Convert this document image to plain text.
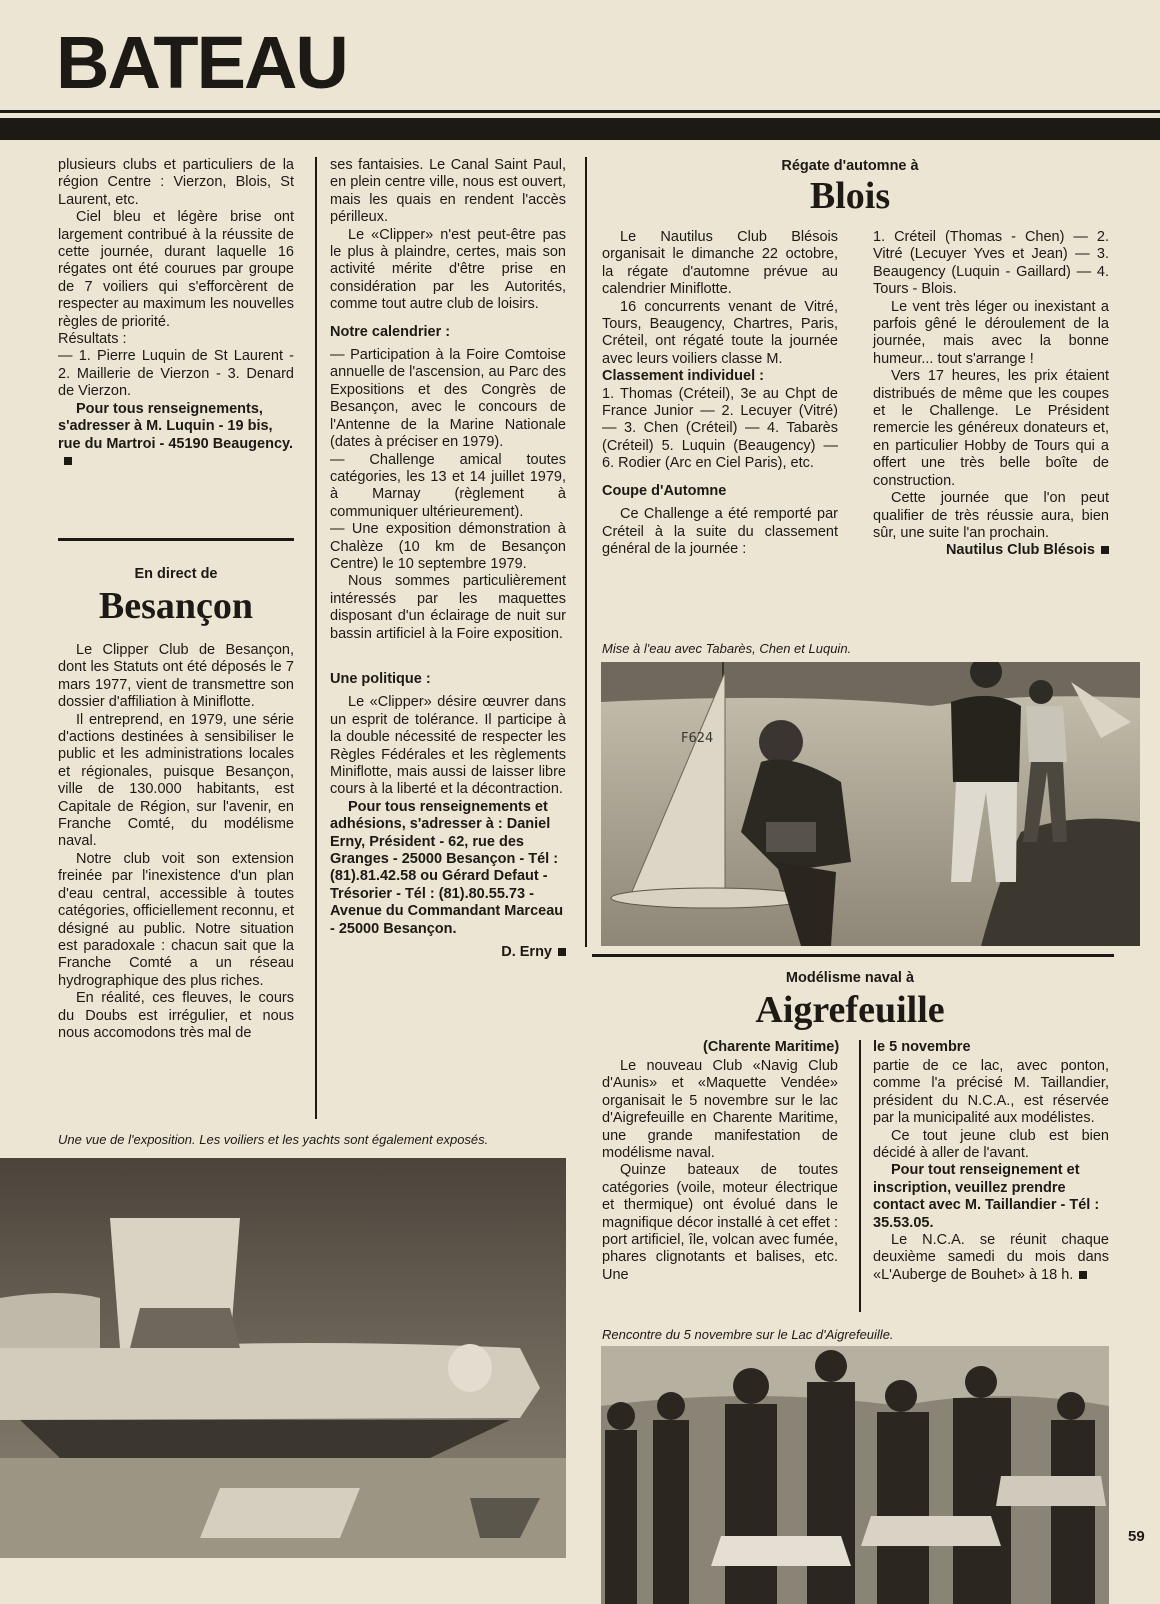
BATEAU

plusieurs clubs et particuliers de la région Centre : Vierzon, Blois, St Laurent, etc.

Ciel bleu et légère brise ont largement contribué à la réussite de cette journée, durant laquelle 16 régates ont été courues par groupe de 7 voiliers qui s'efforcèrent de respecter au maximum les nouvelles règles de priorité.

Résultats :

— 1. Pierre Luquin de St Laurent - 2. Maillerie de Vierzon - 3. Denard de Vierzon.

Pour tous renseignements, s'adresser à M. Luquin - 19 bis, rue du Martroi - 45190 Beaugency.

En direct de
Besançon

Le Clipper Club de Besançon, dont les Statuts ont été déposés le 7 mars 1977, vient de transmettre son dossier d'affiliation à Miniflotte.

Il entreprend, en 1979, une série d'actions destinées à sensibiliser le public et les administrations locales et régionales, puisque Besançon, ville de 130.000 habitants, est Capitale de Région, sur l'avenir, en Franche Comté, du modélisme naval.

Notre club voit son extension freinée par l'inexistence d'un plan d'eau central, accessible à toutes catégories, officiellement reconnu, et désigné au public. Notre situation est paradoxale : chacun sait que la Franche Comté a un réseau hydrographique des plus riches.

En réalité, ces fleuves, le cours du Doubs est irrégulier, et nous nous accomodons très mal de

ses fantaisies. Le Canal Saint Paul, en plein centre ville, nous est ouvert, mais les quais en rendent l'accès périlleux.

Le «Clipper» n'est peut-être pas le plus à plaindre, certes, mais son activité mérite d'être prise en considération par les Autorités, comme tout autre club de loisirs.

Notre calendrier :

— Participation à la Foire Comtoise annuelle de l'ascension, au Parc des Expositions et des Congrès de Besançon, avec le concours de l'Antenne de la Marine Nationale (dates à préciser en 1979).

— Challenge amical toutes catégories, les 13 et 14 juillet 1979, à Marnay (règlement à communiquer ultérieurement).

— Une exposition démonstration à Chalèze (10 km de Besançon Centre) le 10 septembre 1979.

Nous sommes particulièrement intéressés par les maquettes disposant d'un éclairage de nuit sur bassin artificiel à la Foire exposition.

Une politique :

Le «Clipper» désire œuvrer dans un esprit de tolérance. Il participe à la double nécessité de respecter les Règles Fédérales et les règlements Miniflotte, mais aussi de laisser libre cours à la liberté et la décontraction.

Pour tous renseignements et adhésions, s'adresser à : Daniel Erny, Président - 62, rue des Granges - 25000 Besançon - Tél : (81).81.42.58 ou Gérard Defaut - Trésorier - Tél : (81).80.55.73 - Avenue du Commandant Marceau - 25000 Besançon.

D. Erny
Régate d'automne à
Blois

Le Nautilus Club Blésois organisait le dimanche 22 octobre, la régate d'automne prévue au calendrier Miniflotte.

16 concurrents venant de Vitré, Tours, Beaugency, Chartres, Paris, Créteil, ont régaté toute la journée avec leurs voiliers classe M.

Classement individuel :

1. Thomas (Créteil), 3e au Chpt de France Junior — 2. Lecuyer (Vitré) — 3. Chen (Créteil) — 4. Tabarès (Créteil) 5. Luquin (Beaugency) — 6. Rodier (Arc en Ciel Paris), etc.

Coupe d'Automne

Ce Challenge a été remporté par Créteil à la suite du classement général de la journée :

1. Créteil (Thomas - Chen) — 2. Vitré (Lecuyer Yves et Jean) — 3. Beaugency (Luquin - Gaillard) — 4. Tours - Blois.

Le vent très léger ou inexistant a parfois gêné le déroulement de la journée, mais avec la bonne humeur... tout s'arrange !

Vers 17 heures, les prix étaient distribués de même que les coupes et le Challenge. Le Président remercie les généreux donateurs et, en particulier Hobby de Tours qui a offert une très belle boîte de construction.

Cette journée que l'on peut qualifier de très réussie aura, bien sûr, une suite l'an prochain.

Nautilus Club Blésois
Mise à l'eau avec Tabarès, Chen et Luquin.
F624
Modélisme naval à
Aigrefeuille
(Charente Maritime) le 5 novembre

Le nouveau Club «Navig Club d'Aunis» et «Maquette Vendée» organisait le 5 novembre sur le lac d'Aigrefeuille en Charente Maritime, une grande manifestation de modélisme naval.

Quinze bateaux de toutes catégories (voile, moteur électrique et thermique) ont évolué dans le magnifique décor installé à cet effet : port artificiel, île, volcan avec fumée, phares clignotants et balises, etc. Une

partie de ce lac, avec ponton, comme l'a précisé M. Taillandier, président du N.C.A., est réservée par la municipalité aux modélistes.

Ce tout jeune club est bien décidé à aller de l'avant.

Pour tout renseignement et inscription, veuillez prendre contact avec M. Taillandier - Tél : 35.53.05.

Le N.C.A. se réunit chaque deuxième samedi du mois dans «L'Auberge de Bouhet» à 18 h.

Rencontre du 5 novembre sur le Lac d'Aigrefeuille.
Une vue de l'exposition. Les voiliers et les yachts sont également exposés.
59
